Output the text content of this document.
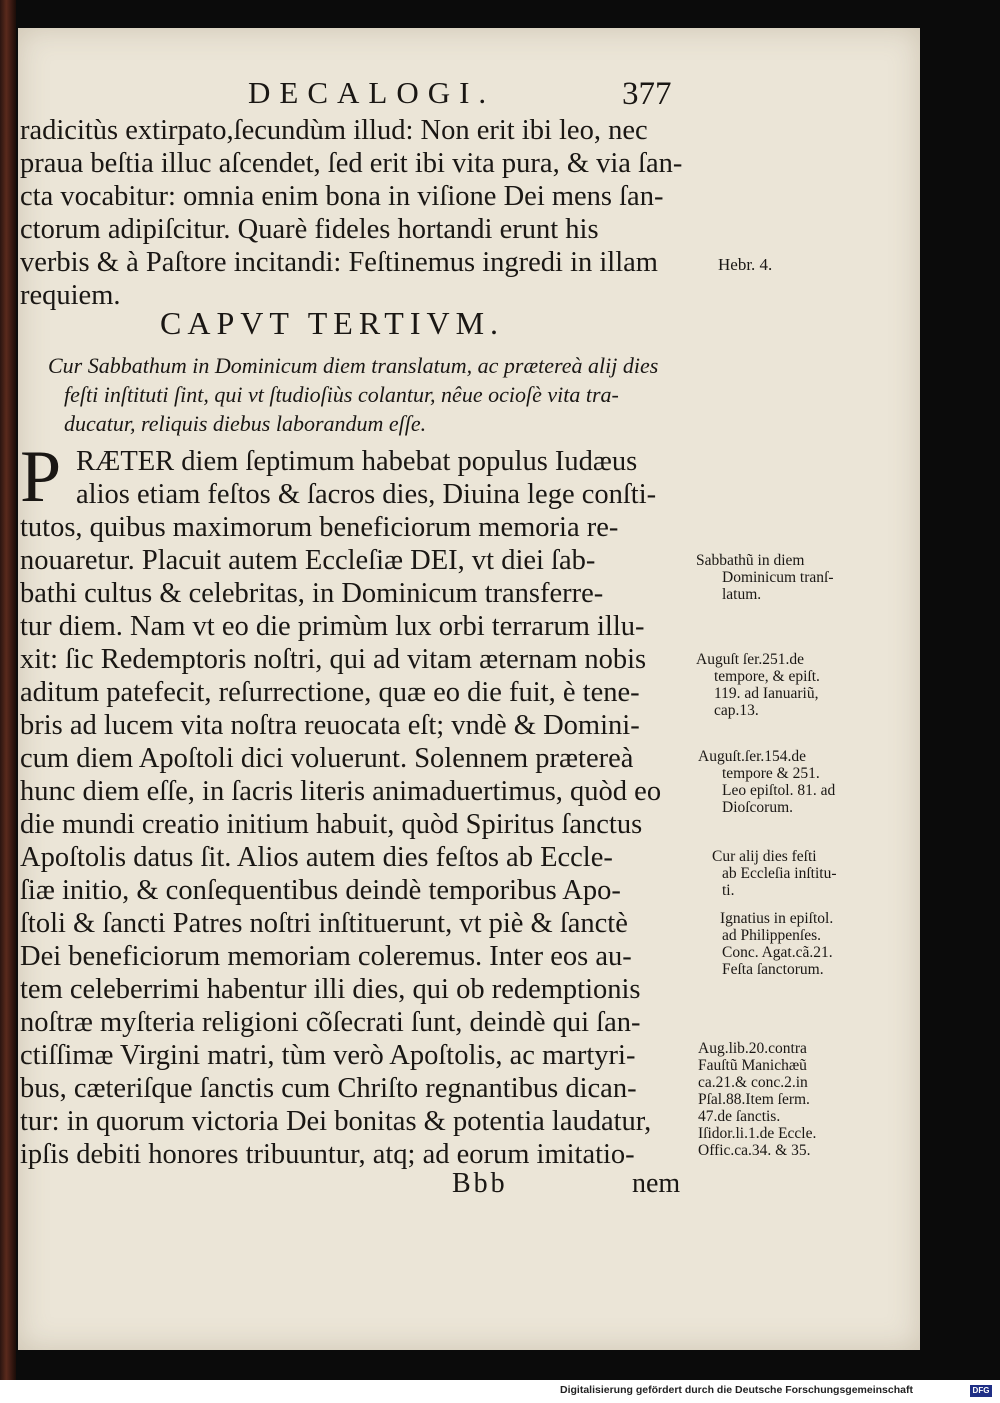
DECALOGI.	377
radicitùs extirpato,ſecundùm illud: Non erit ibi leo, nec
praua beſtia illuc aſcendet, ſed erit ibi vita pura, & via ſan-
cta vocabitur: omnia enim bona in viſione Dei mens ſan-
ctorum adipiſcitur. Quarè fideles hortandi erunt his
verbis & à Paſtore incitandi: Feſtinemus ingredi in illam
requiem.
CAPVT TERTIVM.
Cur Sabbathum in Dominicum diem translatum, ac prætereà alij dies
feſti inſtituti ſint, qui vt ſtudioſiùs colantur, nêue ocioſè vita tra-
ducatur, reliquis diebus laborandum eſſe.
P RÆTER diem ſeptimum habebat populus Iudæus
alios etiam feſtos & ſacros dies, Diuina lege conſti-
tutos, quibus maximorum beneficiorum memoria re-
nouaretur. Placuit autem Eccleſiæ DEI, vt diei ſab-
bathi cultus & celebritas, in Dominicum transferre-
tur diem. Nam vt eo die primùm lux orbi terrarum illu-
xit: ſic Redemptoris noſtri, qui ad vitam æternam nobis
aditum patefecit, reſurrectione, quæ eo die fuit, è tene-
bris ad lucem vita noſtra reuocata eſt; vndè & Domini-
cum diem Apoſtoli dici voluerunt. Solennem prætereà
hunc diem eſſe, in ſacris literis animaduertimus, quòd eo
die mundi creatio initium habuit, quòd Spiritus ſanctus
Apoſtolis datus ſit. Alios autem dies feſtos ab Eccle-
ſiæ initio, & conſequentibus deindè temporibus Apo-
ſtoli & ſancti Patres noſtri inſtituerunt, vt piè & ſanctè
Dei beneficiorum memoriam coleremus. Inter eos au-
tem celeberrimi habentur illi dies, qui ob redemptionis
noſtræ myſteria religioni cõſecrati ſunt, deindè qui ſan-
ctiſſimæ Virgini matri, tùm verò Apoſtolis, ac martyri-
bus, cæteriſque ſanctis cum Chriſto regnantibus dican-
tur: in quorum victoria Dei bonitas & potentia laudatur,
ipſis debiti honores tribuuntur, atq; ad eorum imitatio-
Bbb	nem
Hebr. 4.
Sabbathũ in diem
Dominicum tranſ-
latum.
Auguſt ſer.251.de
tempore, & epiſt.
119. ad Ianuariũ,
cap.13.
Auguſt.ſer.154.de
tempore & 251.
Leo epiſtol. 81. ad
Dioſcorum.
Cur alij dies feſti
ab Eccleſia inſtitu-
ti.
Ignatius in epiſtol.
ad Philippenſes.
Conc. Agat.cã.21.
Feſta ſanctorum.
Aug.lib.20.contra
Fauſtũ Manichæũ
ca.21.& conc.2.in
Pſal.88.Item ſerm.
47.de ſanctis.
Iſidor.li.1.de Eccle.
Offic.ca.34. & 35.
Digitalisierung gefördert durch die Deutsche Forschungsgemeinschaft	DFG
